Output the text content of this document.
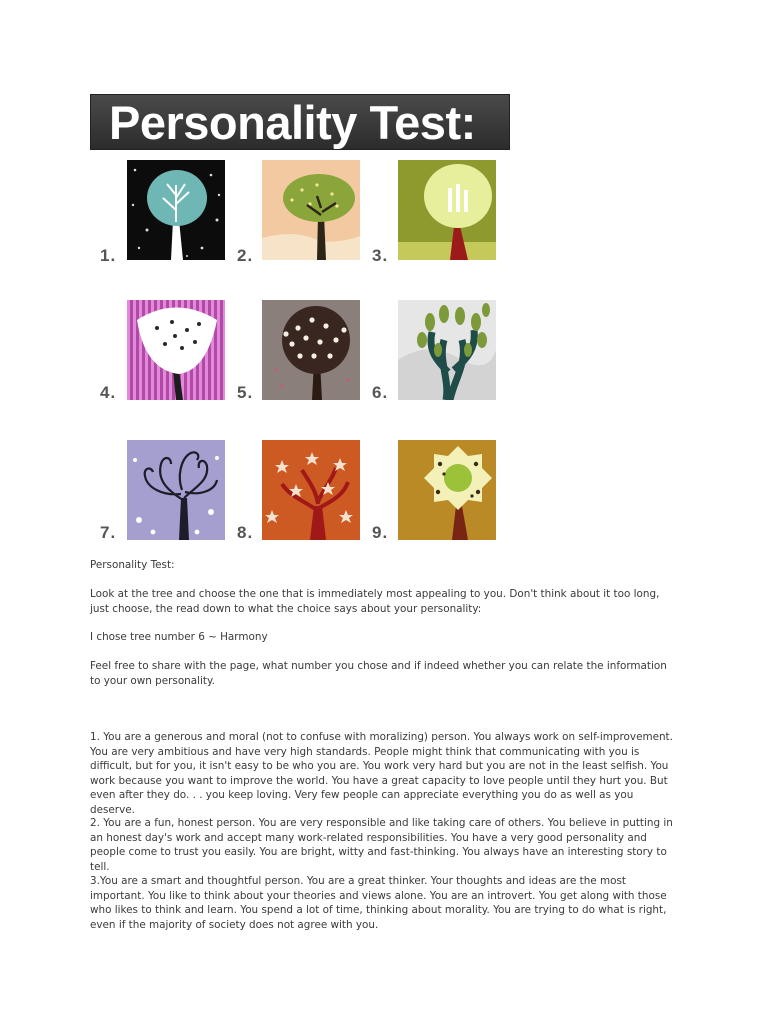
Personality Test:
1.	2.	3.
4.	5.	6.
7.	8.	9.
Personality Test:
Look at the tree and choose the one that is immediately most appealing to you. Don't think about it too long, just choose, the read down to what the choice says about your personality:
I chose tree number 6 ~ Harmony
Feel free to share with the page, what number you chose and if indeed whether you can relate the information to your own personality.
1. You are a generous and moral (not to confuse with moralizing) person. You always work on self-improvement. You are very ambitious and have very high standards. People might think that communicating with you is difficult, but for you, it isn't easy to be who you are. You work very hard but you are not in the least selfish. You work because you want to improve the world. You have a great capacity to love people until they hurt you. But even after they do. . . you keep loving. Very few people can appreciate everything you do as well as you deserve.
2. You are a fun, honest person. You are very responsible and like taking care of others. You believe in putting in an honest day's work and accept many work-related responsibilities. You have a very good personality and people come to trust you easily. You are bright, witty and fast-thinking. You always have an interesting story to tell.
3.You are a smart and thoughtful person. You are a great thinker. Your thoughts and ideas are the most important. You like to think about your theories and views alone. You are an introvert. You get along with those who likes to think and learn. You spend a lot of time, thinking about morality. You are trying to do what is right, even if the majority of society does not agree with you.
